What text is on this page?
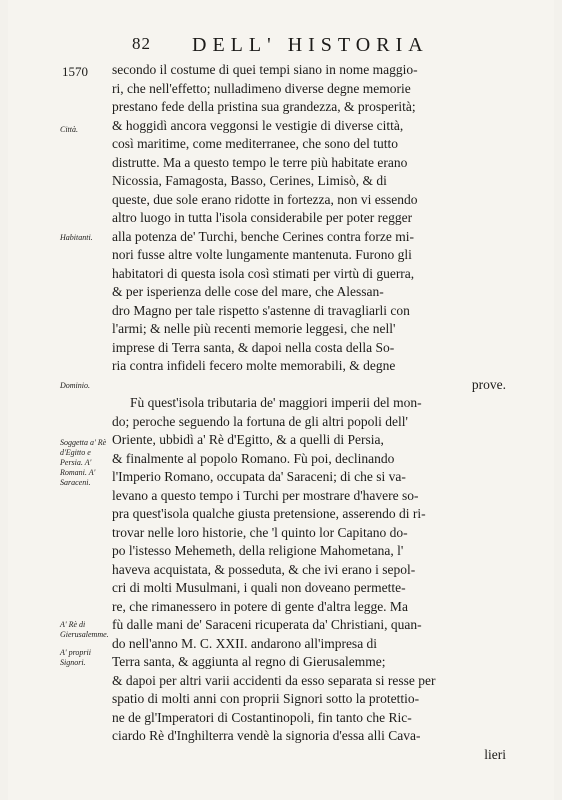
82 DELL' HISTORIA
1570
Città.
Habitanti.
Dominio.
Soggetta a' Rè d'Egitto e Persia. A' Romani. A' Saraceni.
A' Rè di Gierusalemme.
A' proprii Signori.
secondo il costume di quei tempi siano in nome maggio-
ri, che nell'effetto; nulladimeno diverse degne memorie
prestano fede della pristina sua grandezza, & prosperità;
& hoggidì ancora veggonsi le vestigie di diverse città,
così maritime, come mediterranee, che sono del tutto
distrutte. Ma a questo tempo le terre più habitate erano
Nicossia, Famagosta, Basso, Cerines, Limisò, & di
queste, due sole erano ridotte in fortezza, non vi essendo
altro luogo in tutta l'isola considerabile per poter regger
alla potenza de' Turchi, benche Cerines contra forze mi-
nori fusse altre volte lungamente mantenuta. Furono gli
habitatori di questa isola così stimati per virtù di guerra,
& per isperienza delle cose del mare, che Alessan-
dro Magno per tale rispetto s'astenne di travagliarli con
l'armi; & nelle più recenti memorie leggesi, che nell'
imprese di Terra santa, & dapoi nella costa della So-
ria contra infideli fecero molte memorabili, & degne
prove.
Fù quest'isola tributaria de' maggiori imperii del mon-
do; peroche seguendo la fortuna de gli altri popoli dell'
Oriente, ubbidì a' Rè d'Egitto, & a quelli di Persia,
& finalmente al popolo Romano. Fù poi, declinando
l'Imperio Romano, occupata da' Saraceni; di che si va-
levano a questo tempo i Turchi per mostrare d'havere so-
pra quest'isola qualche giusta pretensione, asserendo di ri-
trovar nelle loro historie, che 'l quinto lor Capitano do-
po l'istesso Mehemeth, della religione Mahometana, l'
haveva acquistata, & posseduta, & che ivi erano i sepol-
cri di molti Musulmani, i quali non doveano permette-
re, che rimanessero in potere di gente d'altra legge. Ma
fù dalle mani de' Saraceni ricuperata da' Christiani, quan-
do nell'anno M. C. XXII. andarono all'impresa di
Terra santa, & aggiunta al regno di Gierusalemme;
& dapoi per altri varii accidenti da esso separata si resse per
spatio di molti anni con proprii Signori sotto la protettio-
ne de gl'Imperatori di Costantinopoli, fin tanto che Ric-
ciardo Rè d'Inghilterra vendè la signoria d'essa alli Cava-
lieri
